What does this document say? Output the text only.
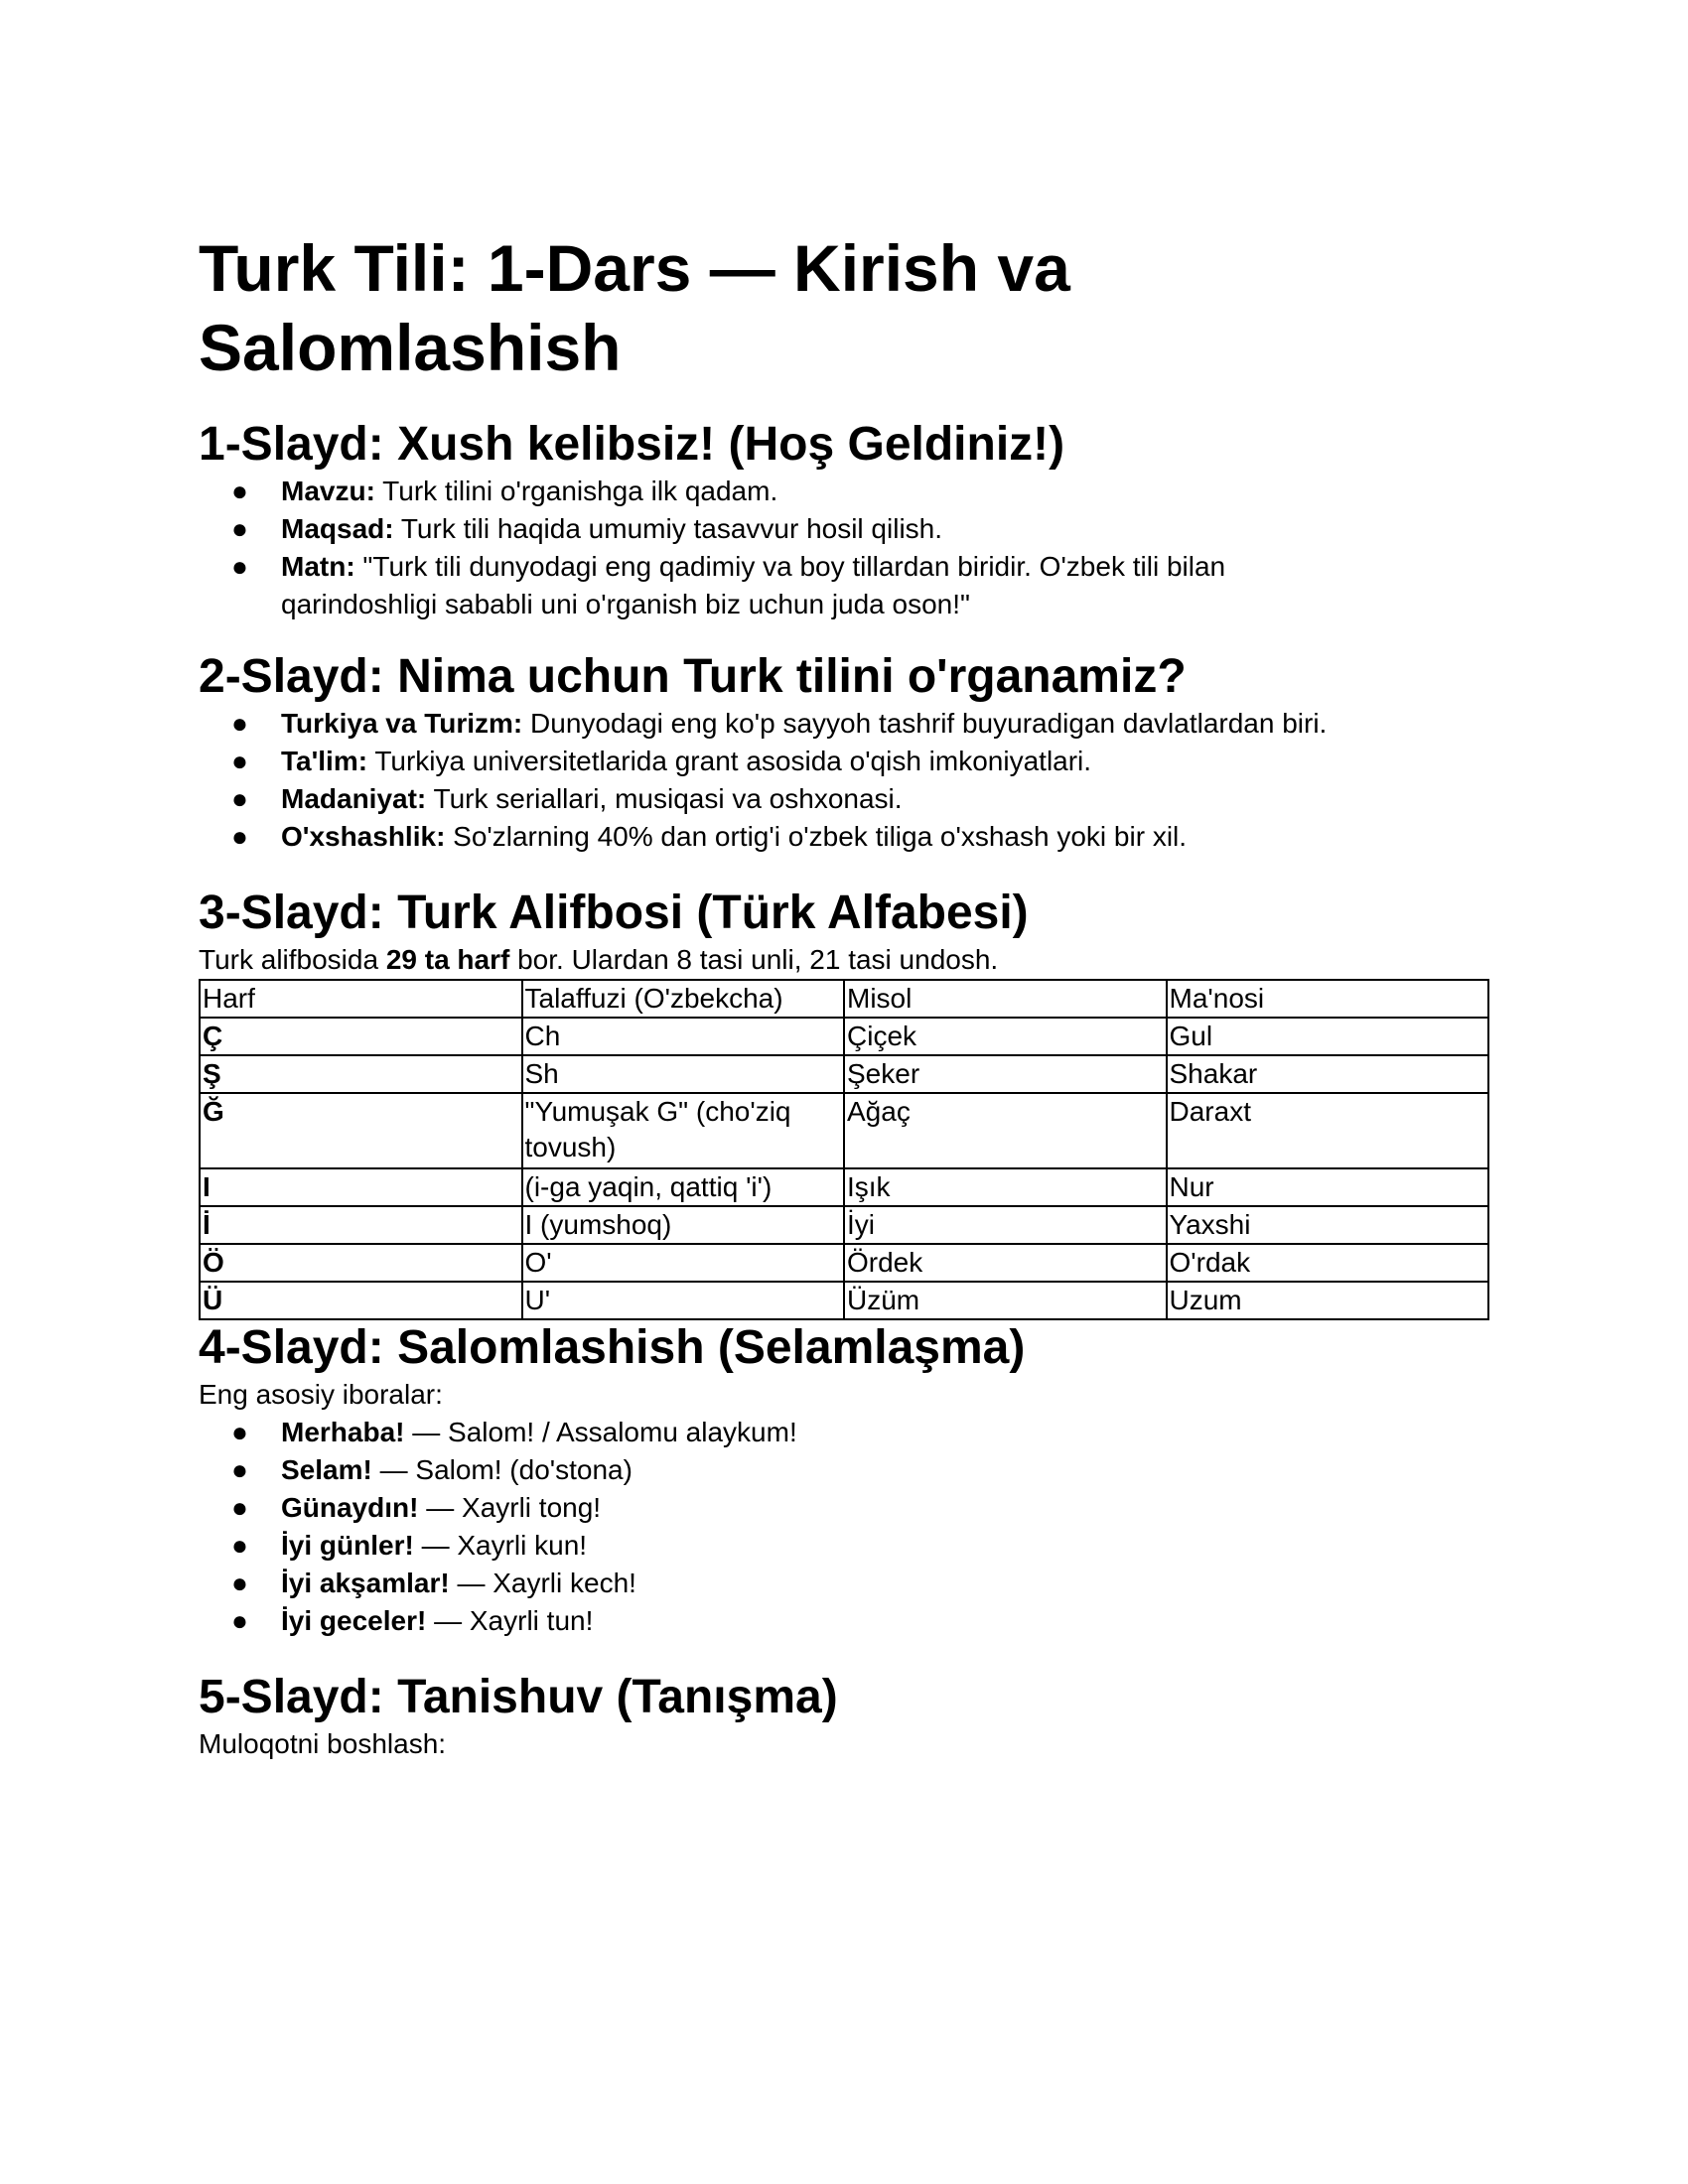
Turk Tili: 1-Dars — Kirish va Salomlashish
1-Slayd: Xush kelibsiz! (Hoş Geldiniz!)
● Mavzu: Turk tilini o'rganishga ilk qadam.
● Maqsad: Turk tili haqida umumiy tasavvur hosil qilish.
● Matn: "Turk tili dunyodagi eng qadimiy va boy tillardan biridir. O'zbek tili bilan qarindoshligi sababli uni o'rganish biz uchun juda oson!"
2-Slayd: Nima uchun Turk tilini o'rganamiz?
● Turkiya va Turizm: Dunyodagi eng ko'p sayyoh tashrif buyuradigan davlatlardan biri.
● Ta'lim: Turkiya universitetlarida grant asosida o'qish imkoniyatlari.
● Madaniyat: Turk seriallari, musiqasi va oshxonasi.
● O'xshashlik: So'zlarning 40% dan ortig'i o'zbek tiliga o'xshash yoki bir xil.
3-Slayd: Turk Alifbosi (Türk Alfabesi)

Turk alifbosida 29 ta harf bor. Ulardan 8 tasi unli, 21 tasi undosh.

Harf	Talaffuzi (O'zbekcha)	Misol	Ma'nosi
Ç	Ch	Çiçek	Gul
Ş	Sh	Şeker	Shakar
Ğ	"Yumuşak G" (cho'ziq tovush)	Ağaç	Daraxt
I	(i-ga yaqin, qattiq 'i')	Işık	Nur
İ	I (yumshoq)	İyi	Yaxshi
Ö	O'	Ördek	O'rdak
Ü	U'	Üzüm	Uzum
4-Slayd: Salomlashish (Selamlaşma)

Eng asosiy iboralar:

● Merhaba! — Salom! / Assalomu alaykum!
● Selam! — Salom! (do'stona)
● Günaydın! — Xayrli tong!
● İyi günler! — Xayrli kun!
● İyi akşamlar! — Xayrli kech!
● İyi geceler! — Xayrli tun!
5-Slayd: Tanishuv (Tanışma)

Muloqotni boshlash:
